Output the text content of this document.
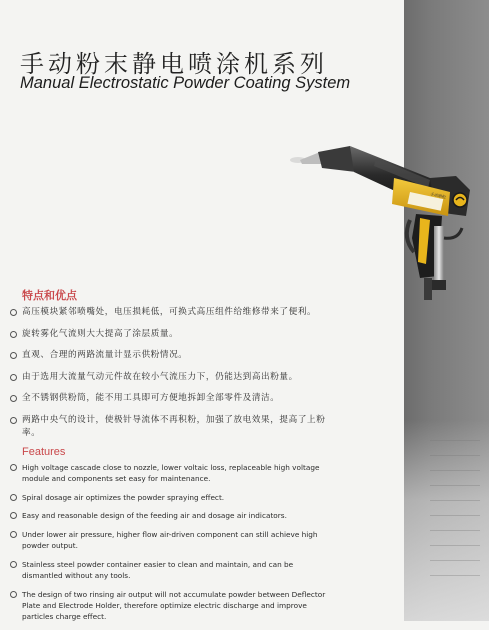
手动粉末静电喷涂机系列
Manual Electrostatic Powder Coating System
手动喷枪
特点和优点
高压模块紧邻喷嘴处，电压损耗低，可换式高压组件给维修带来了便利。
旋转雾化气流则大大提高了涂层质量。
直观、合理的两路流量计显示供粉情况。
由于选用大流量气动元件故在较小气流压力下，仍能达到高出粉量。
全不锈钢供粉筒，能不用工具即可方便地拆卸全部零件及清洁。
两路中央气的设计，使极针导流体不再积粉，加强了放电效果，提高了上粉率。
Features
High voltage cascade close to nozzle, lower voltaic loss, replaceable high voltage module and components set easy for maintenance.
Spiral dosage air optimizes the powder spraying effect.
Easy and reasonable design of the feeding air and dosage air indicators.
Under lower air pressure, higher flow air-driven component can still achieve high powder output.
Stainless steel powder container easier to clean and maintain, and can be dismantled without any tools.
The design of two rinsing air output will not accumulate powder between Deflector Plate and Electrode Holder, therefore optimize electric discharge and improve particles charge effect.
